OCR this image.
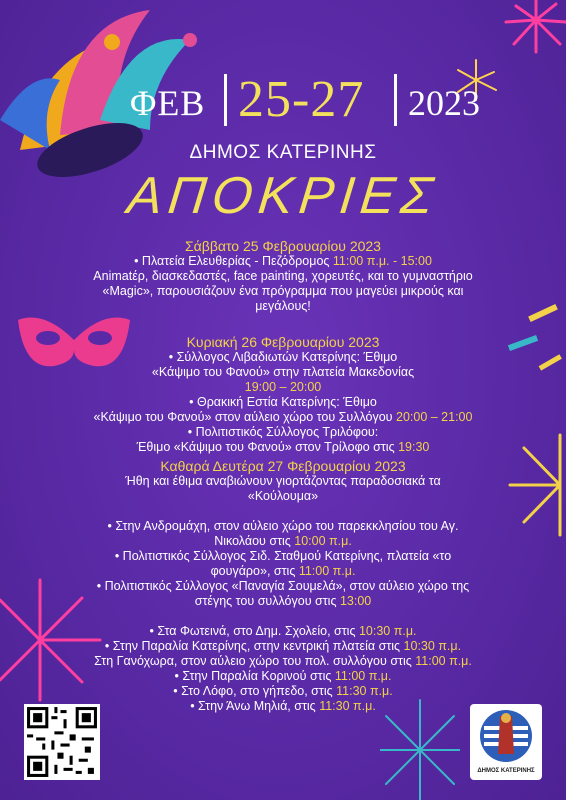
ΦΕΒ 25-27 2023
ΔΗΜΟΣ ΚΑΤΕΡΙΝΗΣ
ΑΠΟΚΡΙΕΣ
Σάββατο 25 Φεβρουαρίου 2023
• Πλατεία Ελευθερίας - Πεζόδρομος 11:00 π.μ. - 15:00
Animatέρ, διασκεδαστές, face painting, χορευτές, και το γυμναστήριο
«Magic», παρουσιάζουν ένα πρόγραμμα που μαγεύει μικρούς και
μεγάλους!
Κυριακή 26 Φεβρουαρίου 2023
• Σύλλογος Λιβαδιωτών Κατερίνης: Έθιμο
«Κάψιμο του Φανού» στην πλατεία Μακεδονίας
19:00 – 20:00
• Θρακική Εστία Κατερίνης: Έθιμο
«Κάψιμο του Φανού» στον αύλειο χώρο του Συλλόγου 20:00 – 21:00
• Πολιτιστικός Σύλλογος Τριλόφου:
Έθιμο «Κάψιμο του Φανού» στον Τρίλοφο στις 19:30
Καθαρά Δευτέρα 27 Φεβρουαρίου 2023
Ήθη και έθιμα αναβιώνουν γιορτάζοντας παραδοσιακά τα
«Κούλουμα»
• Στην Ανδρομάχη, στον αύλειο χώρο του παρεκκλησίου του Αγ.
Νικολάου στις 10:00 π.μ.
• Πολιτιστικός Σύλλογος Σιδ. Σταθμού Κατερίνης, πλατεία «το
φουγάρο», στις 11:00 π.μ.
• Πολιτιστικός Σύλλογος «Παναγία Σουμελά», στον αύλειο χώρο της
στέγης του συλλόγου στις 13:00
• Στα Φωτεινά, στο Δημ. Σχολείο, στις 10:30 π.μ.
• Στην Παραλία Κατερίνης, στην κεντρική πλατεία στις 10:30 π.μ.
Στη Γανόχωρα, στον αύλειο χώρο του πολ. συλλόγου στις 11:00 π.μ.
• Στην Παραλία Κορινού στις 11:00 π.μ.
• Στο Λόφο, στο γήπεδο, στις 11:30 π.μ.
• Στην Άνω Μηλιά, στις 11:30 π.μ.
ΔΗΜΟΣ ΚΑΤΕΡΙΝΗΣ
